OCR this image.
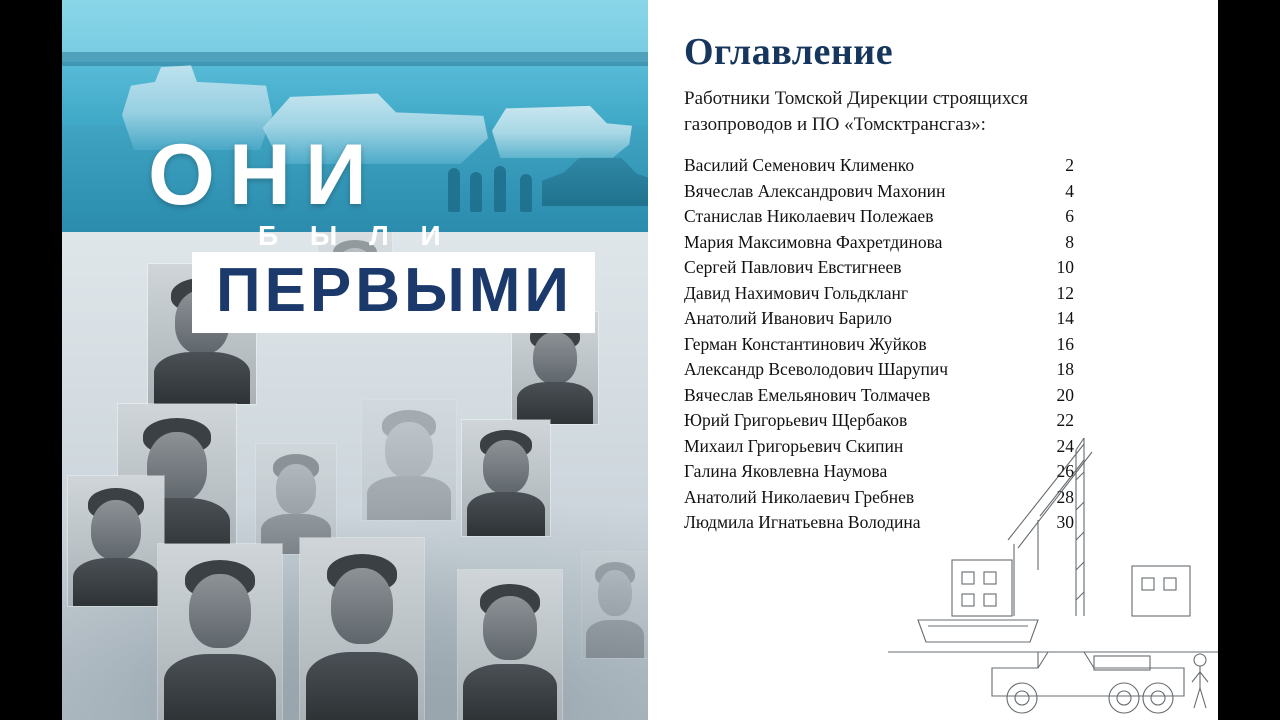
ОНИ
Б Ы Л И
ПЕРВЫМИ
Оглавление
Работники Томской Дирекции строящихся газопроводов и ПО «Томсктрансгаз»:
Василий Семенович Клименко	2
Вячеслав Александрович Махонин	4
Станислав Николаевич Полежаев	6
Мария Максимовна Фахретдинова	8
Сергей Павлович Евстигнеев	10
Давид Нахимович Гольдкланг	12
Анатолий Иванович Барило	14
Герман Константинович Жуйков	16
Александр Всеволодович Шарупич	18
Вячеслав Емельянович Толмачев	20
Юрий Григорьевич Щербаков	22
Михаил Григорьевич Скипин	24
Галина Яковлевна Наумова	26
Анатолий Николаевич Гребнев	28
Людмила Игнатьевна Володина	30
